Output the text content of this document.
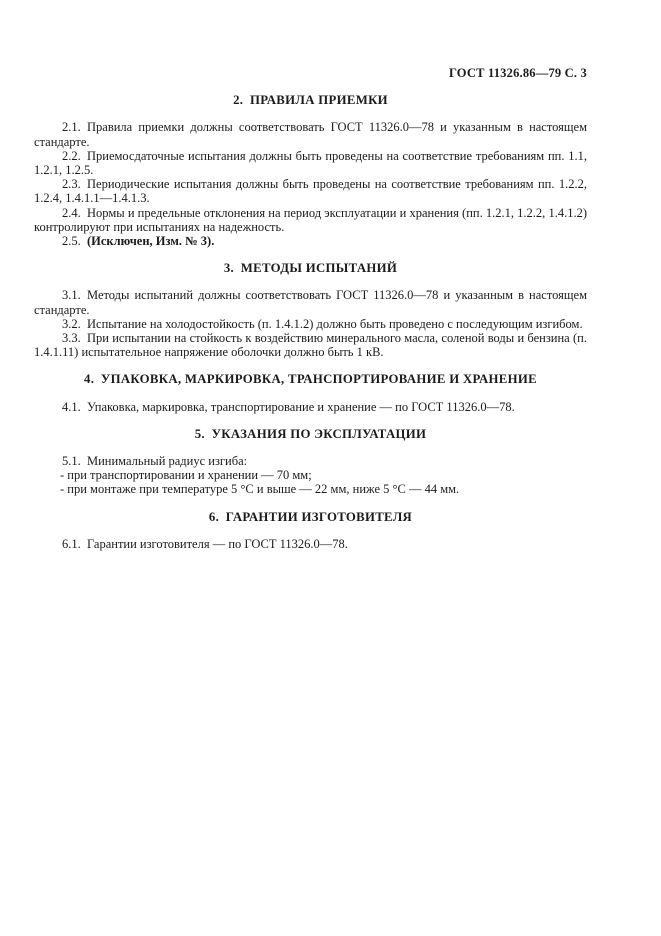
ГОСТ 11326.86—79 С. 3

2. ПРАВИЛА ПРИЕМКИ

2.1. Правила приемки должны соответствовать ГОСТ 11326.0—78 и указанным в настоящем стандарте.

2.2. Приемосдаточные испытания должны быть проведены на соответствие требованиям пп. 1.1, 1.2.1, 1.2.5.

2.3. Периодические испытания должны быть проведены на соответствие требованиям пп. 1.2.2, 1.2.4, 1.4.1.1—1.4.1.3.

2.4. Нормы и предельные отклонения на период эксплуатации и хранения (пп. 1.2.1, 1.2.2, 1.4.1.2) контролируют при испытаниях на надежность.

2.5. (Исключен, Изм. № 3).

3. МЕТОДЫ ИСПЫТАНИЙ

3.1. Методы испытаний должны соответствовать ГОСТ 11326.0—78 и указанным в настоящем стандарте.

3.2. Испытание на холодостойкость (п. 1.4.1.2) должно быть проведено с последующим изгибом.

3.3. При испытании на стойкость к воздействию минерального масла, соленой воды и бензина (п. 1.4.1.11) испытательное напряжение оболочки должно быть 1 кВ.

4. УПАКОВКА, МАРКИРОВКА, ТРАНСПОРТИРОВАНИЕ И ХРАНЕНИЕ

4.1. Упаковка, маркировка, транспортирование и хранение — по ГОСТ 11326.0—78.

5. УКАЗАНИЯ ПО ЭКСПЛУАТАЦИИ

5.1. Минимальный радиус изгиба:

- при транспортировании и хранении — 70 мм;

- при монтаже при температуре 5 °С и выше — 22 мм, ниже 5 °С — 44 мм.

6. ГАРАНТИИ ИЗГОТОВИТЕЛЯ

6.1. Гарантии изготовителя — по ГОСТ 11326.0—78.
